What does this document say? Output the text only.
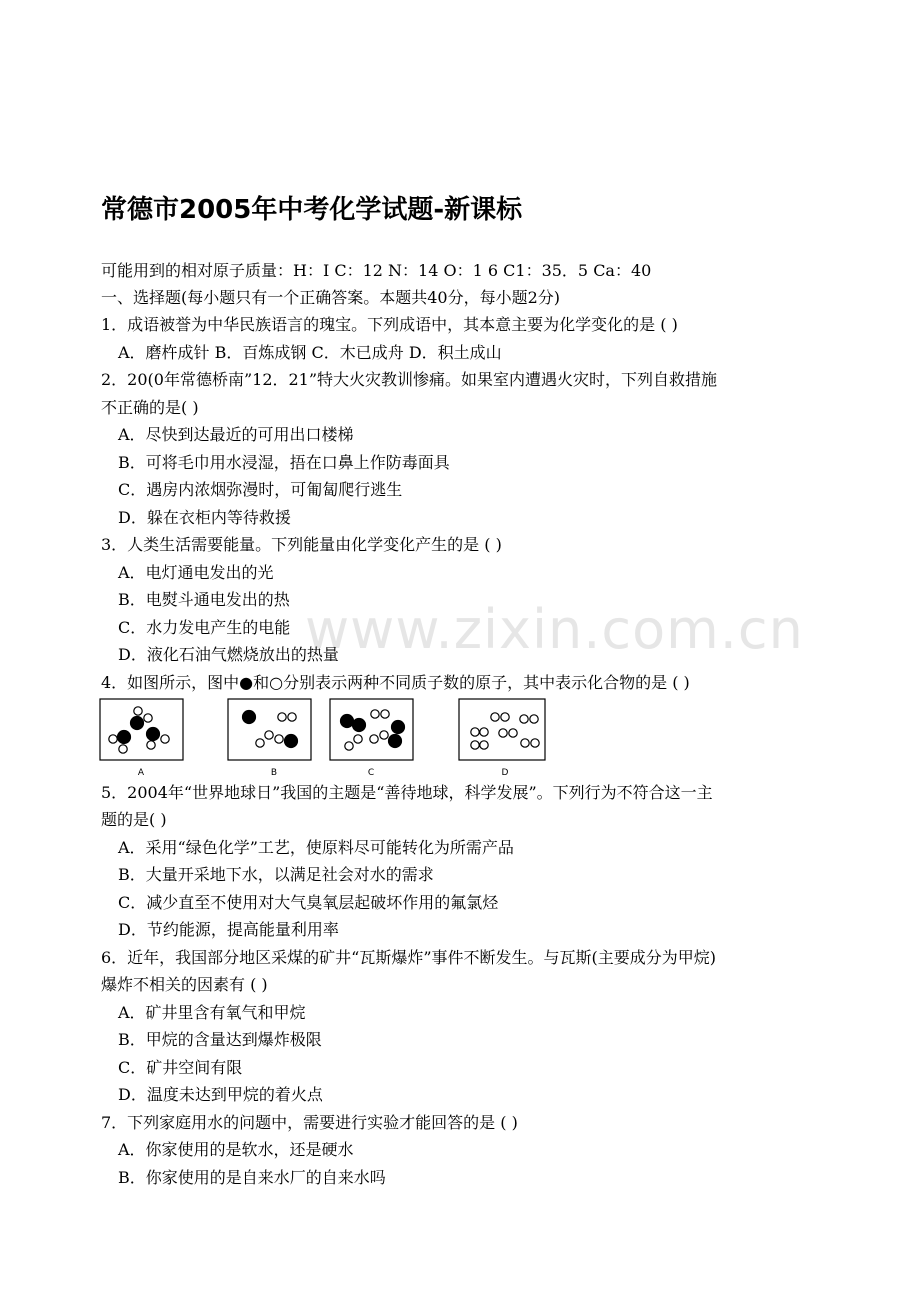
www.zixin.com.cn
常德市2005年中考化学试题-新课标
可能用到的相对原子质量：H：I C：12 N：14 O：1 6 C1：35．5 Ca：40
一、选择题(每小题只有一个正确答案。本题共40分，每小题2分)
1．成语被誉为中华民族语言的瑰宝。下列成语中，其本意主要为化学变化的是 ( )
A．磨杵成针 B．百炼成钢 C．木已成舟 D．积土成山
2．20(0年常德桥南”12．21”特大火灾教训惨痛。如果室内遭遇火灾时，下列自救措施
不正确的是( )
A．尽快到达最近的可用出口楼梯
B．可将毛巾用水浸湿，捂在口鼻上作防毒面具
C．遇房内浓烟弥漫时，可匍匐爬行逃生
D．躲在衣柜内等待救援
3．人类生活需要能量。下列能量由化学变化产生的是 ( )
A．电灯通电发出的光
B．电熨斗通电发出的热
C．水力发电产生的电能
D．液化石油气燃烧放出的热量
4．如图所示，图中●和○分别表示两种不同质子数的原子，其中表示化合物的是 ( )
A	B	C	D
5．2004年“世界地球日”我国的主题是“善待地球，科学发展”。下列行为不符合这一主
题的是( )
A．采用“绿色化学”工艺，使原料尽可能转化为所需产品
B．大量开采地下水，以满足社会对水的需求
C．减少直至不使用对大气臭氧层起破坏作用的氟氯烃
D．节约能源，提高能量利用率
6．近年，我国部分地区采煤的矿井“瓦斯爆炸”事件不断发生。与瓦斯(主要成分为甲烷)
爆炸不相关的因素有 ( )
A．矿井里含有氧气和甲烷
B．甲烷的含量达到爆炸极限
C．矿井空间有限
D．温度未达到甲烷的着火点
7．下列家庭用水的问题中，需要进行实验才能回答的是 ( )
A．你家使用的是软水，还是硬水
B．你家使用的是自来水厂的自来水吗
